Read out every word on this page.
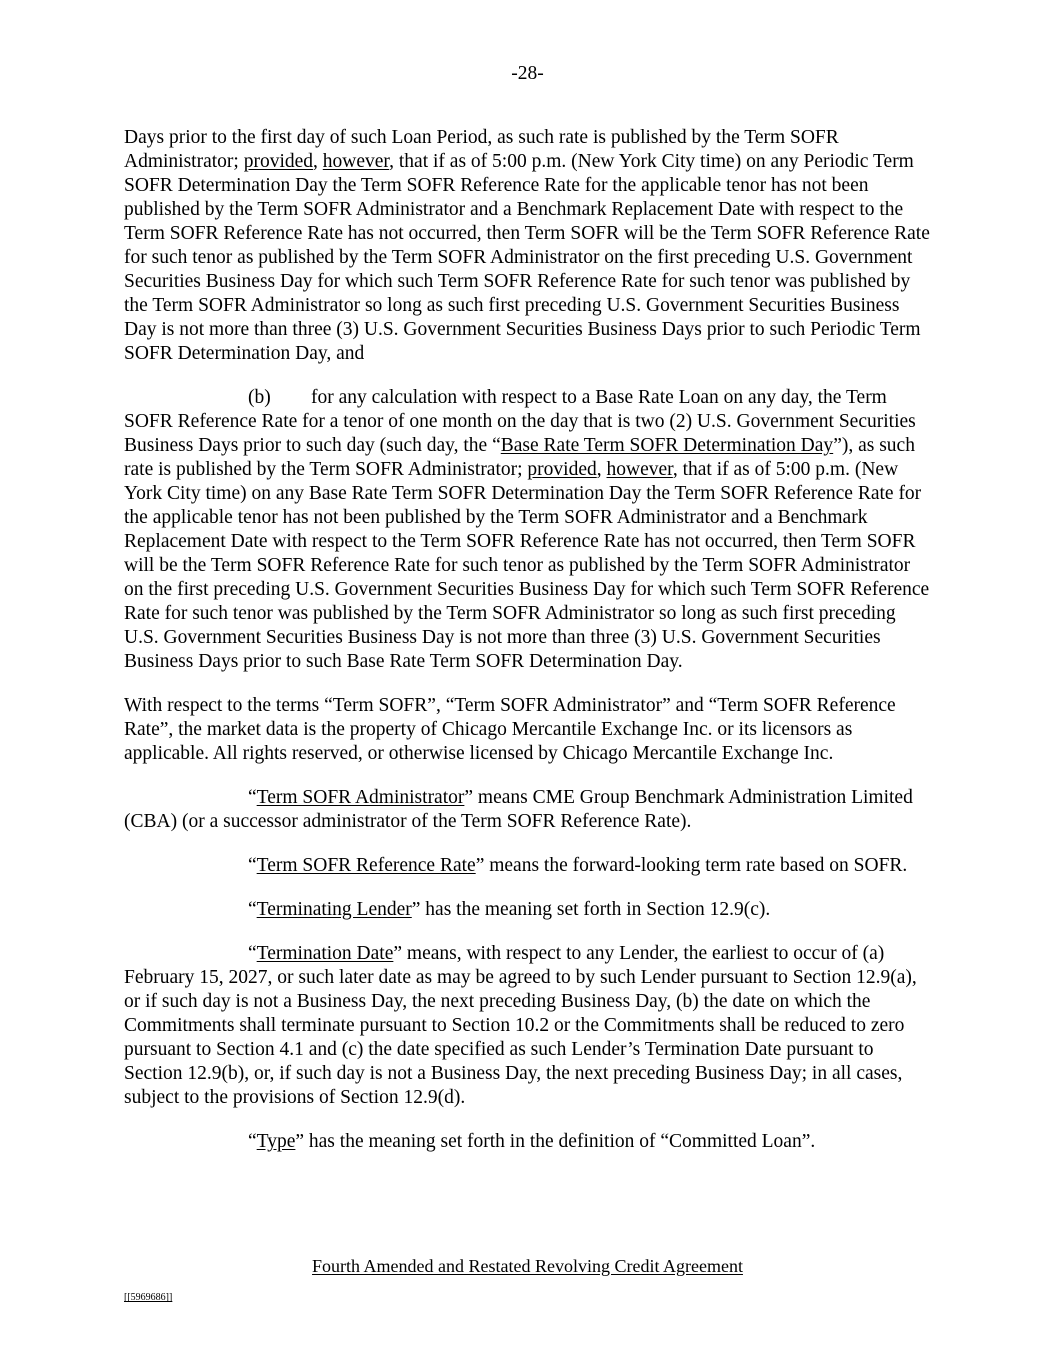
-28-

Days prior to the first day of such Loan Period, as such rate is published by the Term SOFR Administrator; provided, however, that if as of 5:00 p.m. (New York City time) on any Periodic Term SOFR Determination Day the Term SOFR Reference Rate for the applicable tenor has not been published by the Term SOFR Administrator and a Benchmark Replacement Date with respect to the Term SOFR Reference Rate has not occurred, then Term SOFR will be the Term SOFR Reference Rate for such tenor as published by the Term SOFR Administrator on the first preceding U.S. Government Securities Business Day for which such Term SOFR Reference Rate for such tenor was published by the Term SOFR Administrator so long as such first preceding U.S. Government Securities Business Day is not more than three (3) U.S. Government Securities Business Days prior to such Periodic Term SOFR Determination Day, and

(b) for any calculation with respect to a Base Rate Loan on any day, the Term SOFR Reference Rate for a tenor of one month on the day that is two (2) U.S. Government Securities Business Days prior to such day (such day, the “Base Rate Term SOFR Determination Day”), as such rate is published by the Term SOFR Administrator; provided, however, that if as of 5:00 p.m. (New York City time) on any Base Rate Term SOFR Determination Day the Term SOFR Reference Rate for the applicable tenor has not been published by the Term SOFR Administrator and a Benchmark Replacement Date with respect to the Term SOFR Reference Rate has not occurred, then Term SOFR will be the Term SOFR Reference Rate for such tenor as published by the Term SOFR Administrator on the first preceding U.S. Government Securities Business Day for which such Term SOFR Reference Rate for such tenor was published by the Term SOFR Administrator so long as such first preceding U.S. Government Securities Business Day is not more than three (3) U.S. Government Securities Business Days prior to such Base Rate Term SOFR Determination Day.

With respect to the terms “Term SOFR”, “Term SOFR Administrator” and “Term SOFR Reference Rate”, the market data is the property of Chicago Mercantile Exchange Inc. or its licensors as applicable. All rights reserved, or otherwise licensed by Chicago Mercantile Exchange Inc.

“Term SOFR Administrator” means CME Group Benchmark Administration Limited (CBA) (or a successor administrator of the Term SOFR Reference Rate).

“Term SOFR Reference Rate” means the forward-looking term rate based on SOFR.

“Terminating Lender” has the meaning set forth in Section 12.9(c).

“Termination Date” means, with respect to any Lender, the earliest to occur of (a) February 15, 2027, or such later date as may be agreed to by such Lender pursuant to Section 12.9(a), or if such day is not a Business Day, the next preceding Business Day, (b) the date on which the Commitments shall terminate pursuant to Section 10.2 or the Commitments shall be reduced to zero pursuant to Section 4.1 and (c) the date specified as such Lender’s Termination Date pursuant to Section 12.9(b), or, if such day is not a Business Day, the next preceding Business Day; in all cases, subject to the provisions of Section 12.9(d).

“Type” has the meaning set forth in the definition of “Committed Loan”.

Fourth Amended and Restated Revolving Credit Agreement
[[5969686]]
